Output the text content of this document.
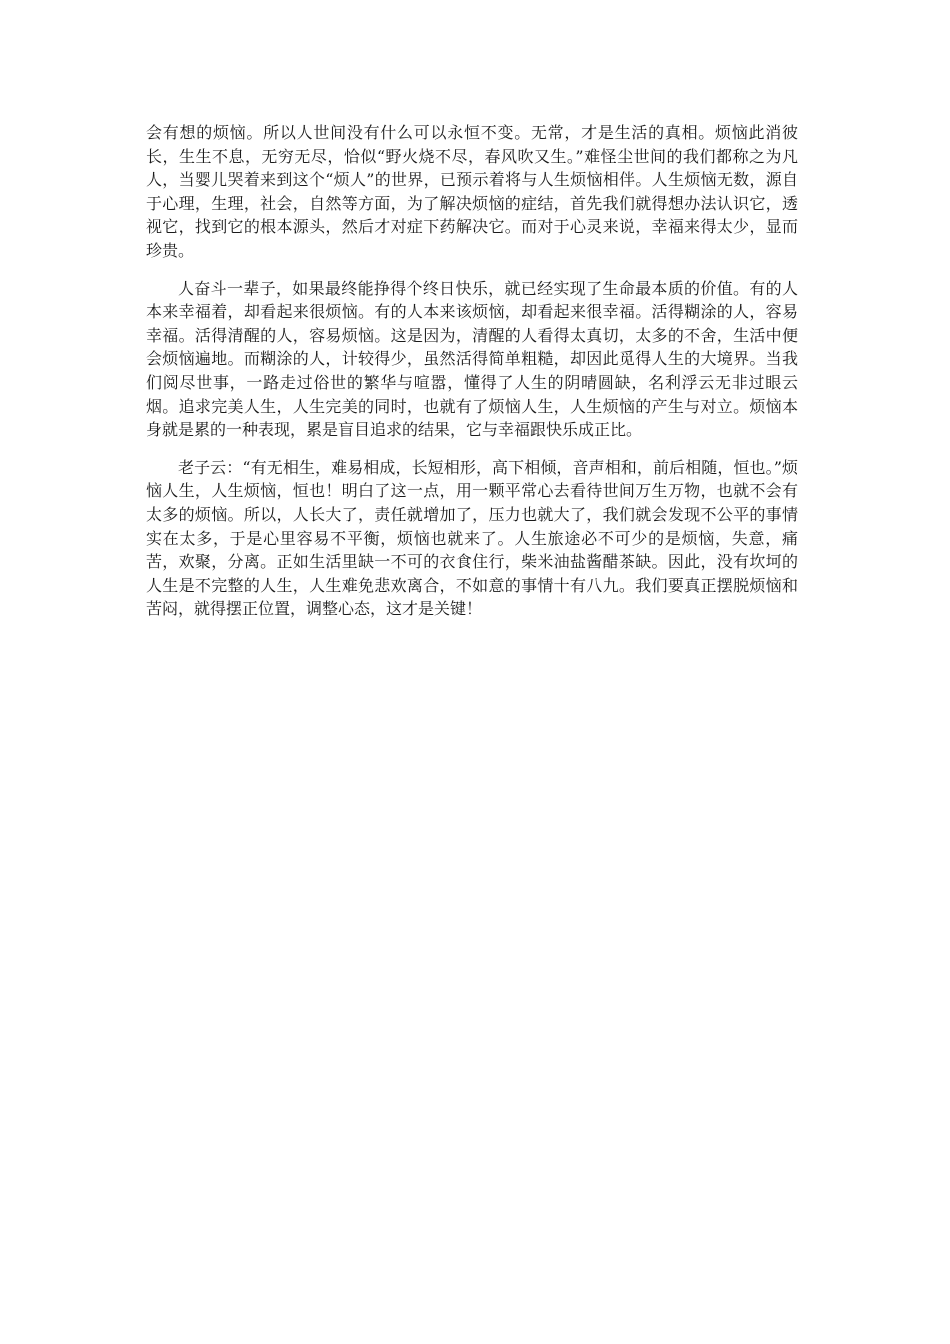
会有想的烦恼。所以人世间没有什么可以永恒不变。无常，才是生活的真相。烦恼此消彼长，生生不息，无穷无尽，恰似“野火烧不尽，春风吹又生。”难怪尘世间的我们都称之为凡人，当婴儿哭着来到这个“烦人”的世界，已预示着将与人生烦恼相伴。人生烦恼无数，源自于心理，生理，社会，自然等方面，为了解决烦恼的症结，首先我们就得想办法认识它，透视它，找到它的根本源头，然后才对症下药解决它。而对于心灵来说，幸福来得太少，显而珍贵。

人奋斗一辈子，如果最终能挣得个终日快乐，就已经实现了生命最本质的价值。有的人本来幸福着，却看起来很烦恼。有的人本来该烦恼，却看起来很幸福。活得糊涂的人，容易幸福。活得清醒的人，容易烦恼。这是因为，清醒的人看得太真切，太多的不舍，生活中便会烦恼遍地。而糊涂的人，计较得少，虽然活得简单粗糙，却因此觅得人生的大境界。当我们阅尽世事，一路走过俗世的繁华与喧嚣，懂得了人生的阴晴圆缺，名利浮云无非过眼云烟。追求完美人生，人生完美的同时，也就有了烦恼人生，人生烦恼的产生与对立。烦恼本身就是累的一种表现，累是盲目追求的结果，它与幸福跟快乐成正比。

老子云：“有无相生，难易相成，长短相形，高下相倾，音声相和，前后相随，恒也。”烦恼人生，人生烦恼，恒也！明白了这一点，用一颗平常心去看待世间万生万物，也就不会有太多的烦恼。所以，人长大了，责任就增加了，压力也就大了，我们就会发现不公平的事情实在太多，于是心里容易不平衡，烦恼也就来了。人生旅途必不可少的是烦恼，失意，痛苦，欢聚，分离。正如生活里缺一不可的衣食住行，柴米油盐酱醋茶缺。因此，没有坎坷的人生是不完整的人生，人生难免悲欢离合，不如意的事情十有八九。我们要真正摆脱烦恼和苦闷，就得摆正位置，调整心态，这才是关键！
